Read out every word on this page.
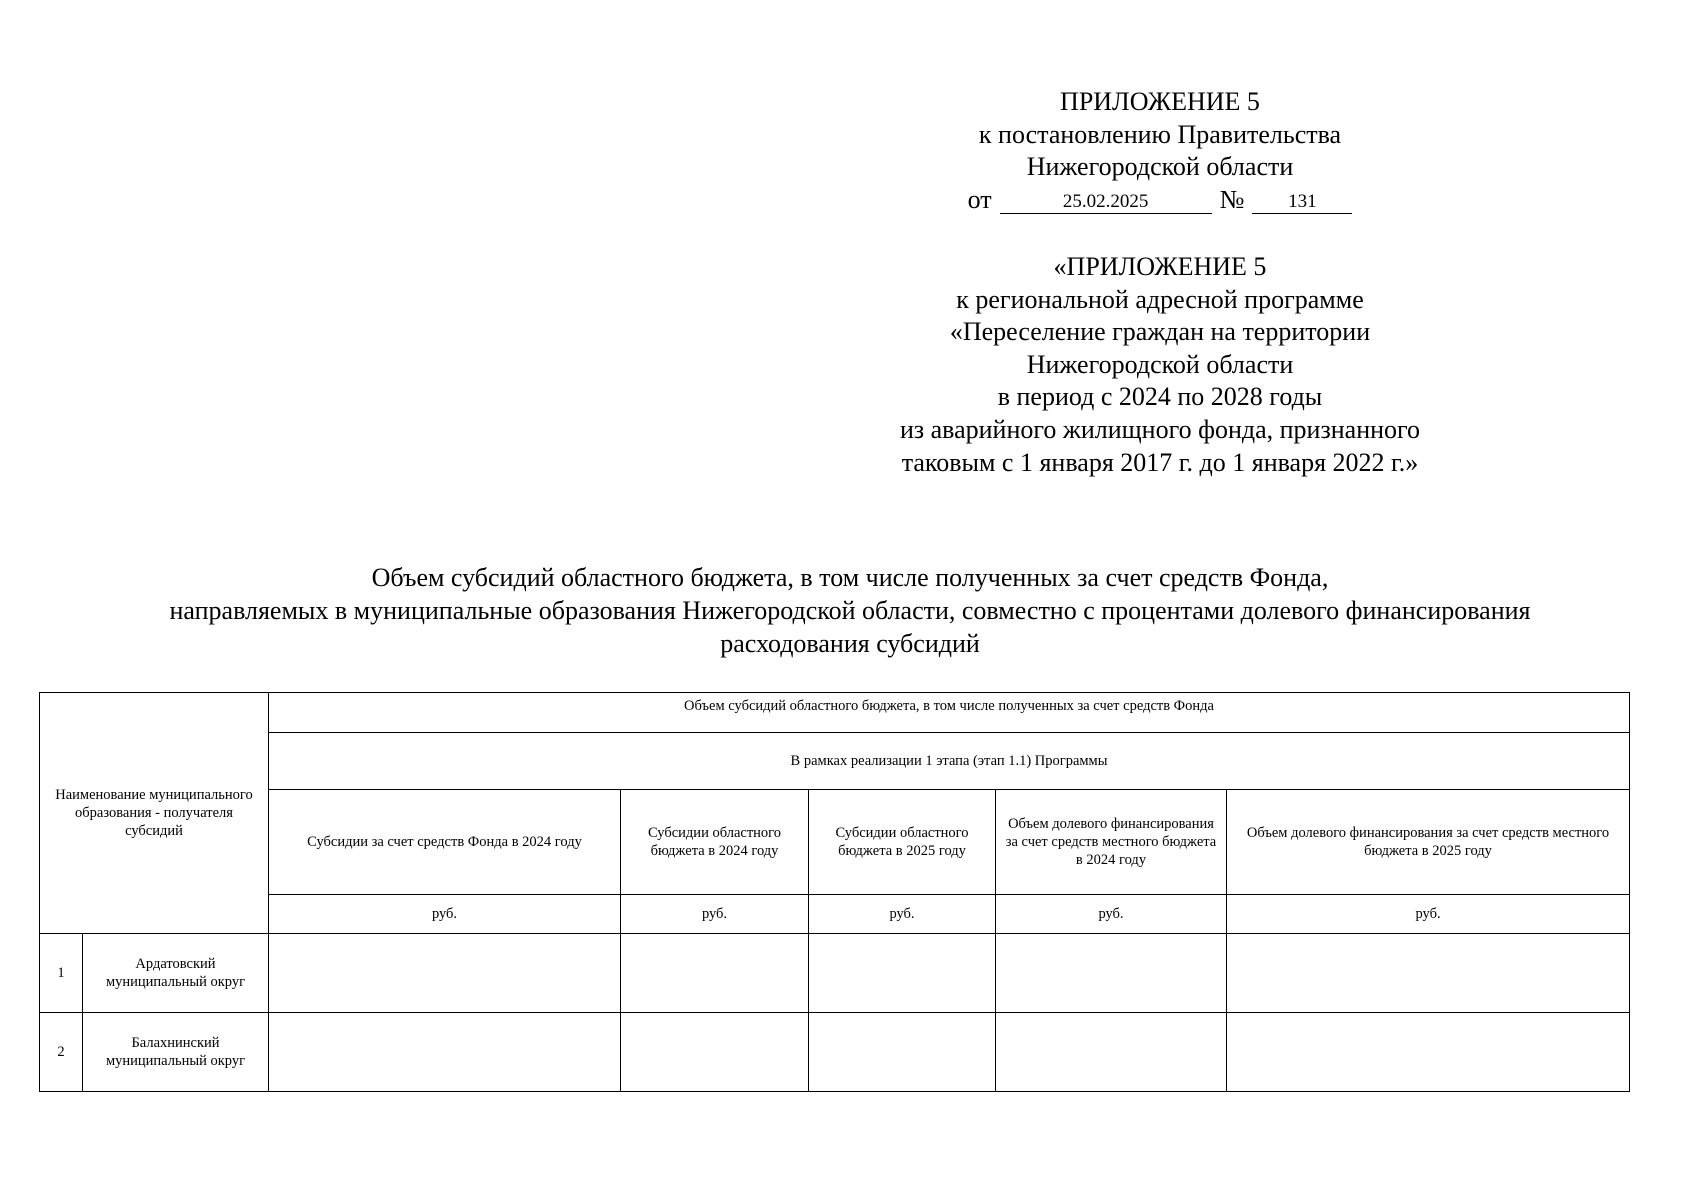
ПРИЛОЖЕНИЕ 5
к постановлению Правительства
Нижегородской области
от	25.02.2025	№	131
«ПРИЛОЖЕНИЕ 5
к региональной адресной программе
«Переселение граждан на территории
Нижегородской области
в период с 2024 по 2028 годы
из аварийного жилищного фонда, признанного
таковым с 1 января 2017 г. до 1 января 2022 г.»
Объем субсидий областного бюджета, в том числе полученных за счет средств Фонда,
направляемых в муниципальные образования Нижегородской области, совместно с процентами долевого финансирования
расходования субсидий
Наименование муниципального образования - получателя субсидий		Объем субсидий областного бюджета, в том числе полученных за счет средств Фонда				
		В рамках реализации 1 этапа (этап 1.1) Программы				
		Субсидии за счет средств Фонда в 2024 году	Субсидии областного бюджета в 2024 году	Субсидии областного бюджета в 2025 году	Объем долевого финансирования за счет средств местного бюджета в 2024 году	Объем долевого финансирования за счет средств местного бюджета в 2025 году
		руб.	руб.	руб.	руб.	руб.
1	Ардатовский муниципальный округ					
2	Балахнинский муниципальный округ					
